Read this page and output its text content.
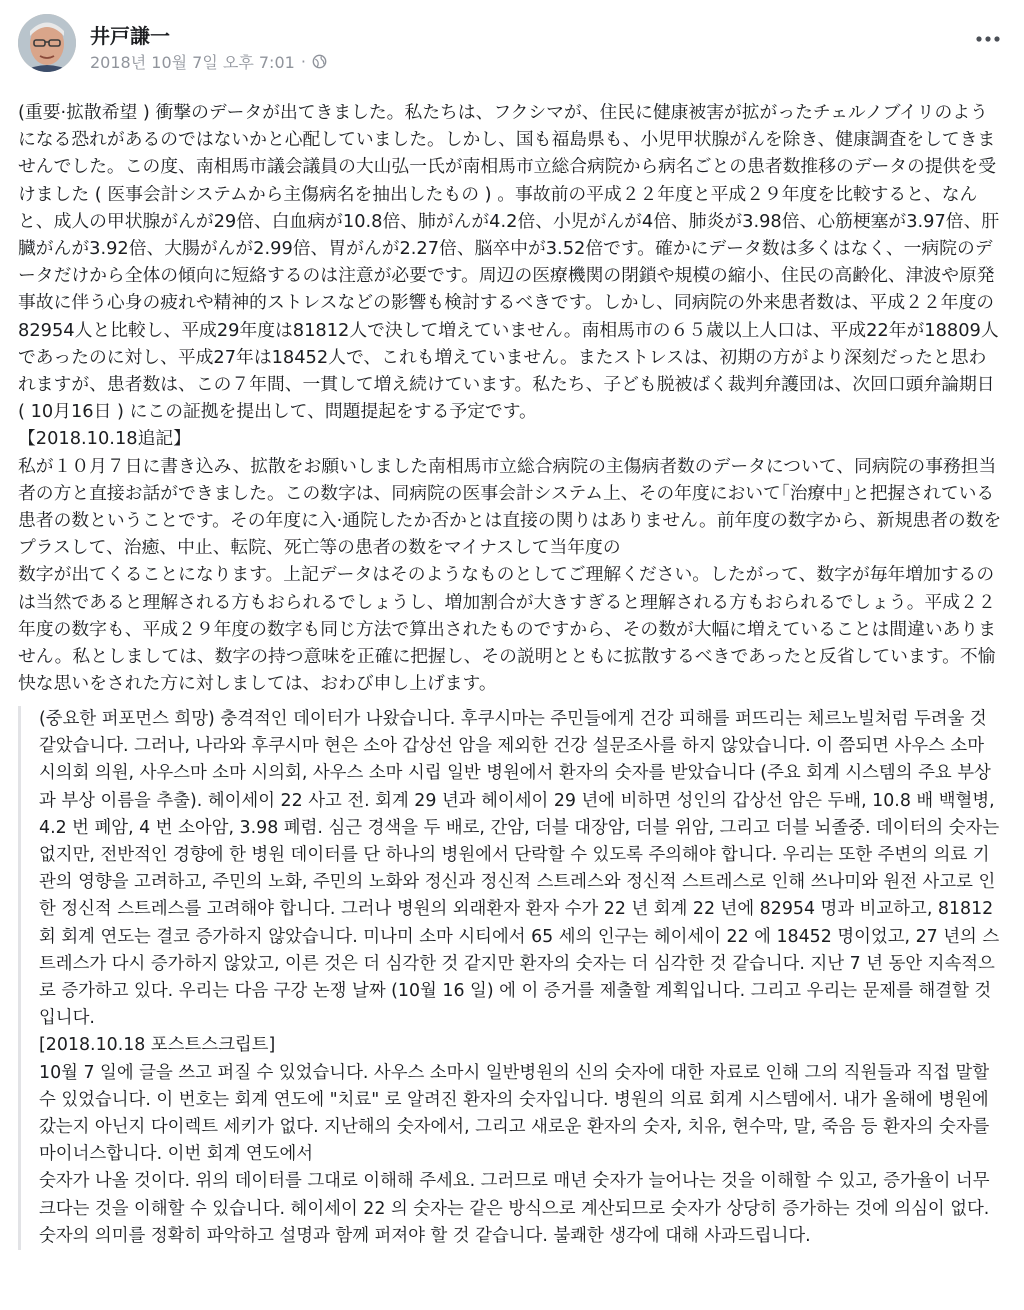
井戸謙一
2018년 10월 7일 오후 7:01 ·

(重要·拡散希望 ) 衝撃のデータが出てきました。私たちは、フクシマが、住民に健康被害が拡がったチェルノブイリのようになる恐れがあるのではないかと心配していました。しかし、国も福島県も、小児甲状腺がんを除き、健康調査をしてきませんでした。この度、南相馬市議会議員の大山弘一氏が南相馬市立総合病院から病名ごとの患者数推移のデータの提供を受けました ( 医事会計システムから主傷病名を抽出したもの ) 。事故前の平成２２年度と平成２９年度を比較すると、なんと、成人の甲状腺がんが29倍、白血病が10.8倍、肺がんが4.2倍、小児がんが4倍、肺炎が3.98倍、心筋梗塞が3.97倍、肝臓がんが3.92倍、大腸がんが2.99倍、胃がんが2.27倍、脳卒中が3.52倍です。確かにデータ数は多くはなく、一病院のデータだけから全体の傾向に短絡するのは注意が必要です。周辺の医療機関の閉鎖や規模の縮小、住民の高齢化、津波や原発事故に伴う心身の疲れや精神的ストレスなどの影響も検討するべきです。しかし、同病院の外来患者数は、平成２２年度の82954人と比較し、平成29年度は81812人で決して増えていません。南相馬市の６５歳以上人口は、平成22年が18809人であったのに対し、平成27年は18452人で、これも増えていません。またストレスは、初期の方がより深刻だったと思われますが、患者数は、この７年間、一貫して増え続けています。私たち、子ども脱被ばく裁判弁護団は、次回口頭弁論期日 ( 10月16日 ) にこの証拠を提出して、問題提起をする予定です。

【2018.10.18追記】

私が１０月７日に書き込み、拡散をお願いしました南相馬市立総合病院の主傷病者数のデータについて、同病院の事務担当者の方と直接お話ができました。この数字は、同病院の医事会計システム上、その年度において｢治療中｣と把握されている患者の数ということです。その年度に入·通院したか否かとは直接の関りはありません。前年度の数字から、新規患者の数をプラスして、治癒、中止、転院、死亡等の患者の数をマイナスして当年度の

数字が出てくることになります。上記データはそのようなものとしてご理解ください。したがって、数字が毎年増加するのは当然であると理解される方もおられるでしょうし、増加割合が大きすぎると理解される方もおられるでしょう。平成２２年度の数字も、平成２９年度の数字も同じ方法で算出されたものですから、その数が大幅に増えていることは間違いありません。私としましては、数字の持つ意味を正確に把握し、その説明とともに拡散するべきであったと反省しています。不愉快な思いをされた方に対しましては、おわび申し上げます。

(중요한 퍼포먼스 희망) 충격적인 데이터가 나왔습니다. 후쿠시마는 주민들에게 건강 피해를 퍼뜨리는 체르노빌처럼 두려울 것 같았습니다. 그러나, 나라와 후쿠시마 현은 소아 갑상선 암을 제외한 건강 설문조사를 하지 않았습니다. 이 쯤되면 사우스 소마 시의회 의원, 사우스마 소마 시의회, 사우스 소마 시립 일반 병원에서 환자의 숫자를 받았습니다 (주요 회계 시스템의 주요 부상과 부상 이름을 추출). 헤이세이 22 사고 전. 회계 29 년과 헤이세이 29 년에 비하면 성인의 갑상선 암은 두배, 10.8 배 백혈병, 4.2 번 폐암, 4 번 소아암, 3.98 폐렴. 심근 경색을 두 배로, 간암, 더블 대장암, 더블 위암, 그리고 더블 뇌졸중. 데이터의 숫자는 없지만, 전반적인 경향에 한 병원 데이터를 단 하나의 병원에서 단락할 수 있도록 주의해야 합니다. 우리는 또한 주변의 의료 기관의 영향을 고려하고, 주민의 노화, 주민의 노화와 정신과 정신적 스트레스와 정신적 스트레스로 인해 쓰나미와 원전 사고로 인한 정신적 스트레스를 고려해야 합니다. 그러나 병원의 외래환자 환자 수가 22 년 회계 22 년에 82954 명과 비교하고, 81812 회 회계 연도는 결코 증가하지 않았습니다. 미나미 소마 시티에서 65 세의 인구는 헤이세이 22 에 18452 명이었고, 27 년의 스트레스가 다시 증가하지 않았고, 이른 것은 더 심각한 것 같지만 환자의 숫자는 더 심각한 것 같습니다. 지난 7 년 동안 지속적으로 증가하고 있다. 우리는 다음 구강 논쟁 날짜 (10월 16 일) 에 이 증거를 제출할 계획입니다. 그리고 우리는 문제를 해결할 것입니다.

[2018.10.18 포스트스크립트]

10월 7 일에 글을 쓰고 퍼질 수 있었습니다. 사우스 소마시 일반병원의 신의 숫자에 대한 자료로 인해 그의 직원들과 직접 말할 수 있었습니다. 이 번호는 회계 연도에 "치료" 로 알려진 환자의 숫자입니다. 병원의 의료 회계 시스템에서. 내가 올해에 병원에 갔는지 아닌지 다이렉트 세키가 없다. 지난해의 숫자에서, 그리고 새로운 환자의 숫자, 치유, 현수막, 말, 죽음 등 환자의 숫자를 마이너스합니다. 이번 회계 연도에서

숫자가 나올 것이다. 위의 데이터를 그대로 이해해 주세요. 그러므로 매년 숫자가 늘어나는 것을 이해할 수 있고, 증가율이 너무 크다는 것을 이해할 수 있습니다. 헤이세이 22 의 숫자는 같은 방식으로 계산되므로 숫자가 상당히 증가하는 것에 의심이 없다. 숫자의 의미를 정확히 파악하고 설명과 함께 퍼져야 할 것 같습니다. 불쾌한 생각에 대해 사과드립니다.
